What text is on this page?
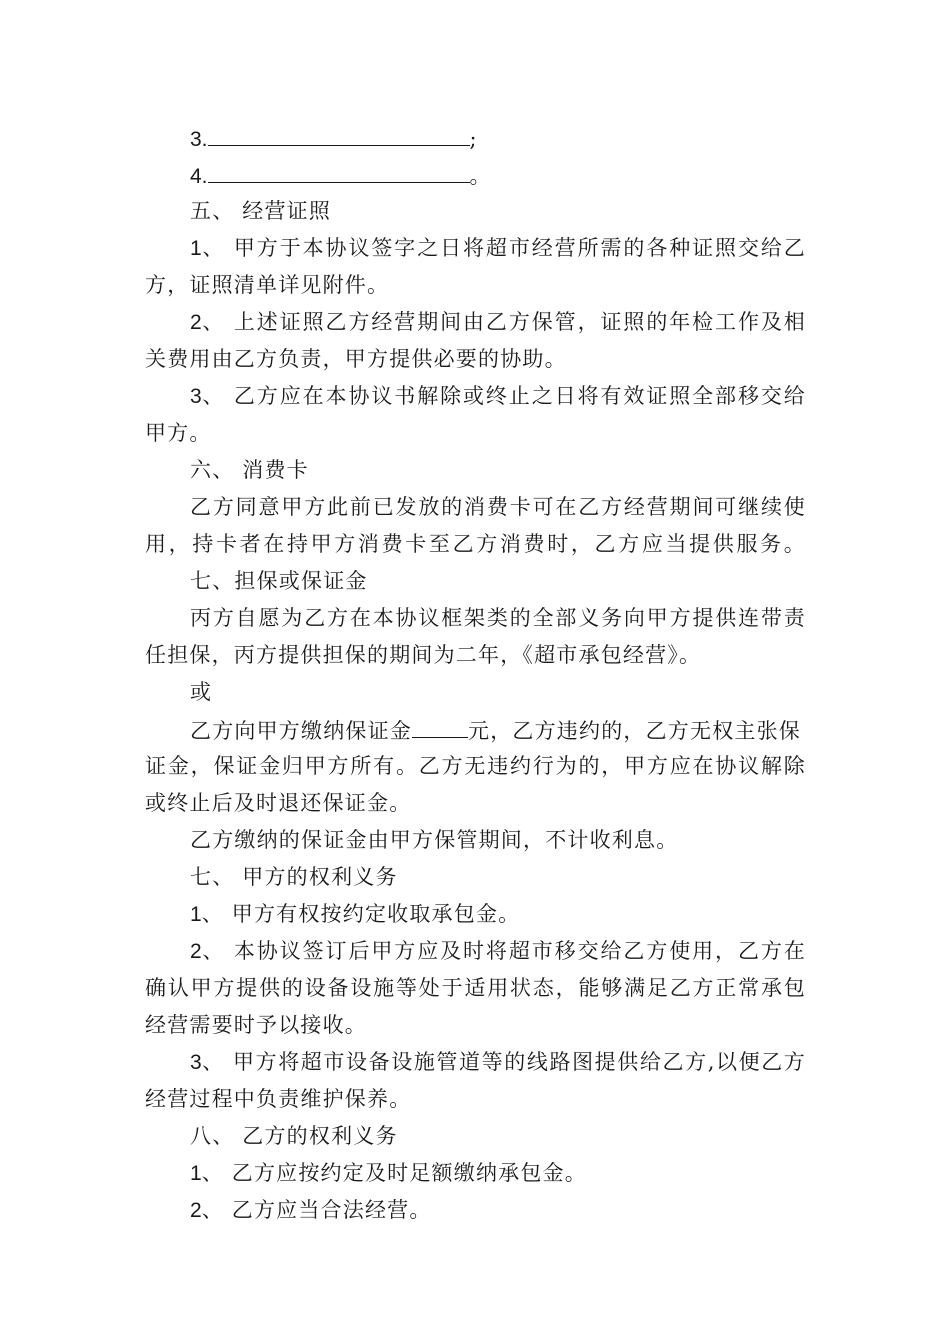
3.	;
4.	。
五、 经营证照
1、 甲方于本协议签字之日将超市经营所需的各种证照交给乙
方，证照清单详见附件。
2、 上述证照乙方经营期间由乙方保管，证照的年检工作及相
关费用由乙方负责，甲方提供必要的协助。
3、 乙方应在本协议书解除或终止之日将有效证照全部移交给
甲方。
六、 消费卡
乙方同意甲方此前已发放的消费卡可在乙方经营期间可继续使
用，持卡者在持甲方消费卡至乙方消费时，乙方应当提供服务。
七、担保或保证金
丙方自愿为乙方在本协议框架类的全部义务向甲方提供连带责
任担保，丙方提供担保的期间为二年，《超市承包经营》。
或
乙方向甲方缴纳保证金	元，乙方违约的，乙方无权主张保
证金，保证金归甲方所有。乙方无违约行为的，甲方应在协议解除
或终止后及时退还保证金。
乙方缴纳的保证金由甲方保管期间，不计收利息。
七、 甲方的权利义务
1、 甲方有权按约定收取承包金。
2、 本协议签订后甲方应及时将超市移交给乙方使用，乙方在
确认甲方提供的设备设施等处于适用状态，能够满足乙方正常承包
经营需要时予以接收。
3、 甲方将超市设备设施管道等的线路图提供给乙方,以便乙方
经营过程中负责维护保养。
八、 乙方的权利义务
1、 乙方应按约定及时足额缴纳承包金。
2、 乙方应当合法经营。
